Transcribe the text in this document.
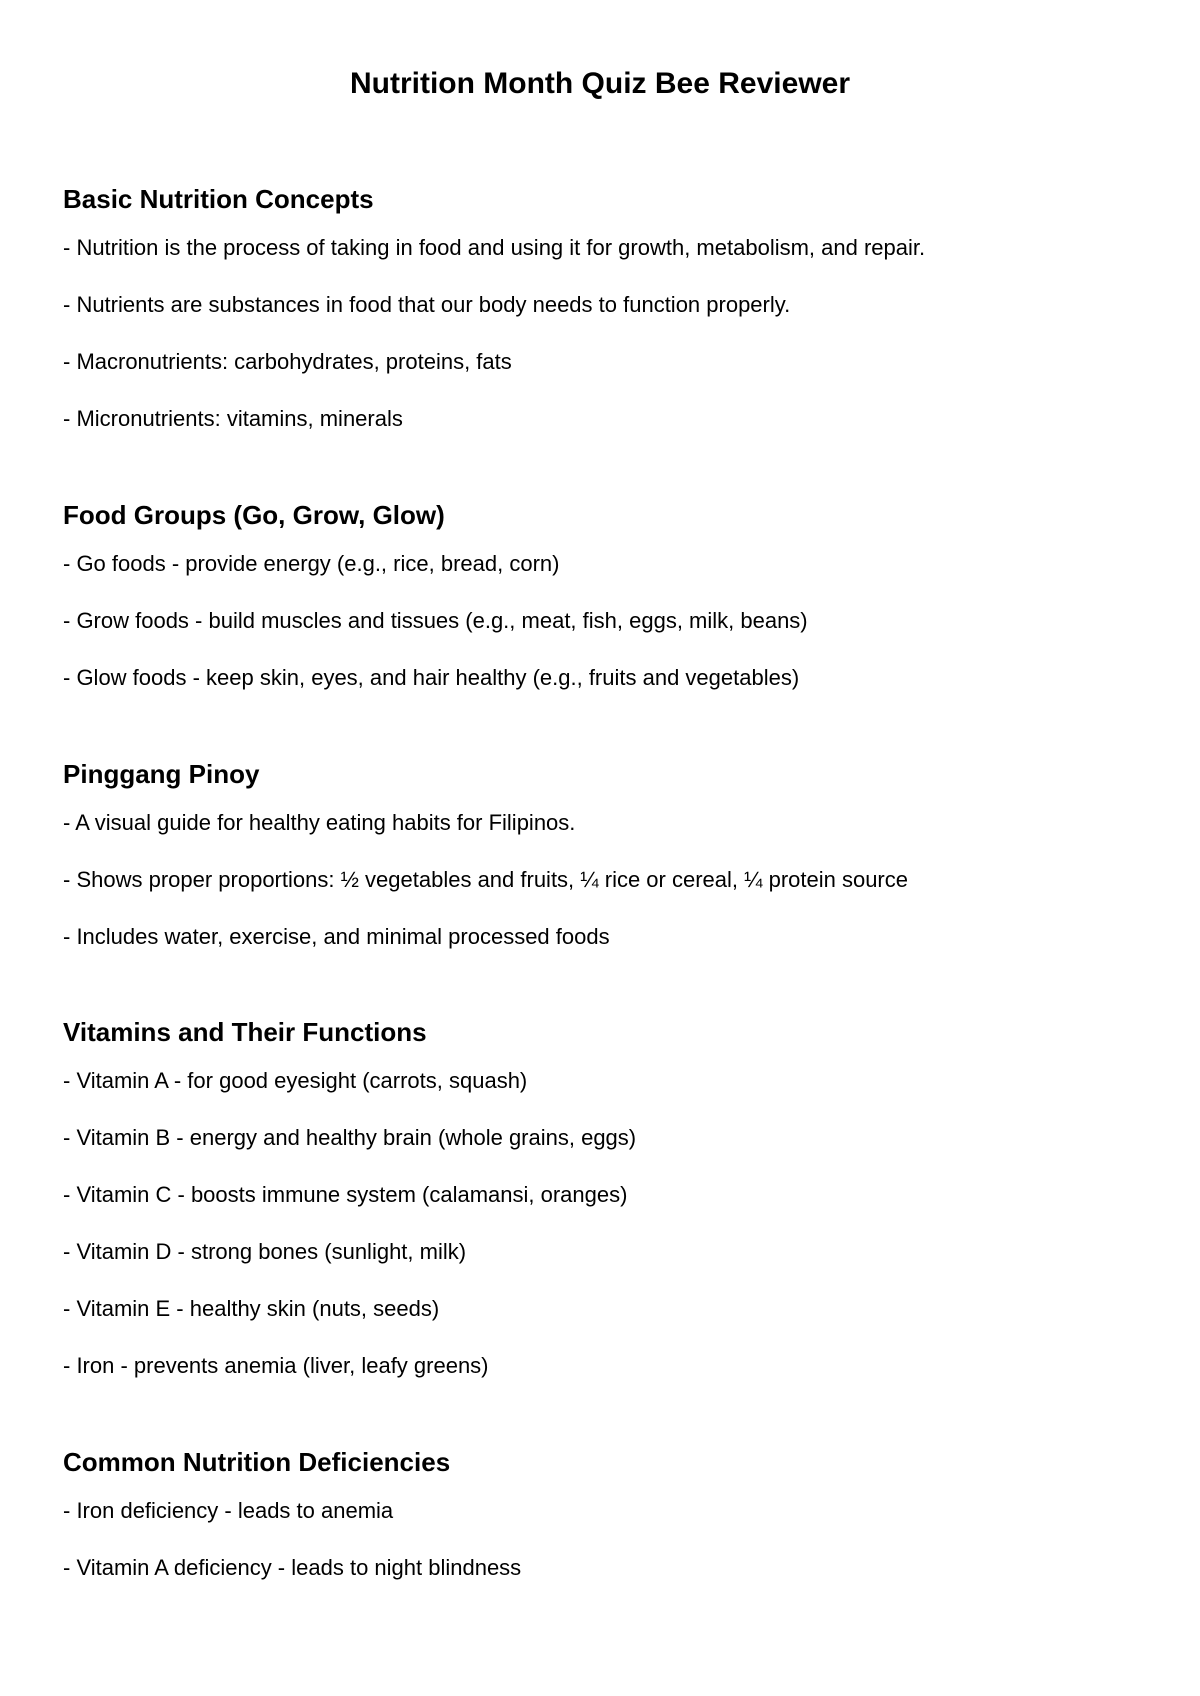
Nutrition Month Quiz Bee Reviewer
Basic Nutrition Concepts

- Nutrition is the process of taking in food and using it for growth, metabolism, and repair.

- Nutrients are substances in food that our body needs to function properly.

- Macronutrients: carbohydrates, proteins, fats

- Micronutrients: vitamins, minerals

Food Groups (Go, Grow, Glow)

- Go foods - provide energy (e.g., rice, bread, corn)

- Grow foods - build muscles and tissues (e.g., meat, fish, eggs, milk, beans)

- Glow foods - keep skin, eyes, and hair healthy (e.g., fruits and vegetables)

Pinggang Pinoy

- A visual guide for healthy eating habits for Filipinos.

- Shows proper proportions: ½ vegetables and fruits, ¼ rice or cereal, ¼ protein source

- Includes water, exercise, and minimal processed foods

Vitamins and Their Functions

- Vitamin A - for good eyesight (carrots, squash)

- Vitamin B - energy and healthy brain (whole grains, eggs)

- Vitamin C - boosts immune system (calamansi, oranges)

- Vitamin D - strong bones (sunlight, milk)

- Vitamin E - healthy skin (nuts, seeds)

- Iron - prevents anemia (liver, leafy greens)

Common Nutrition Deficiencies

- Iron deficiency - leads to anemia

- Vitamin A deficiency - leads to night blindness
